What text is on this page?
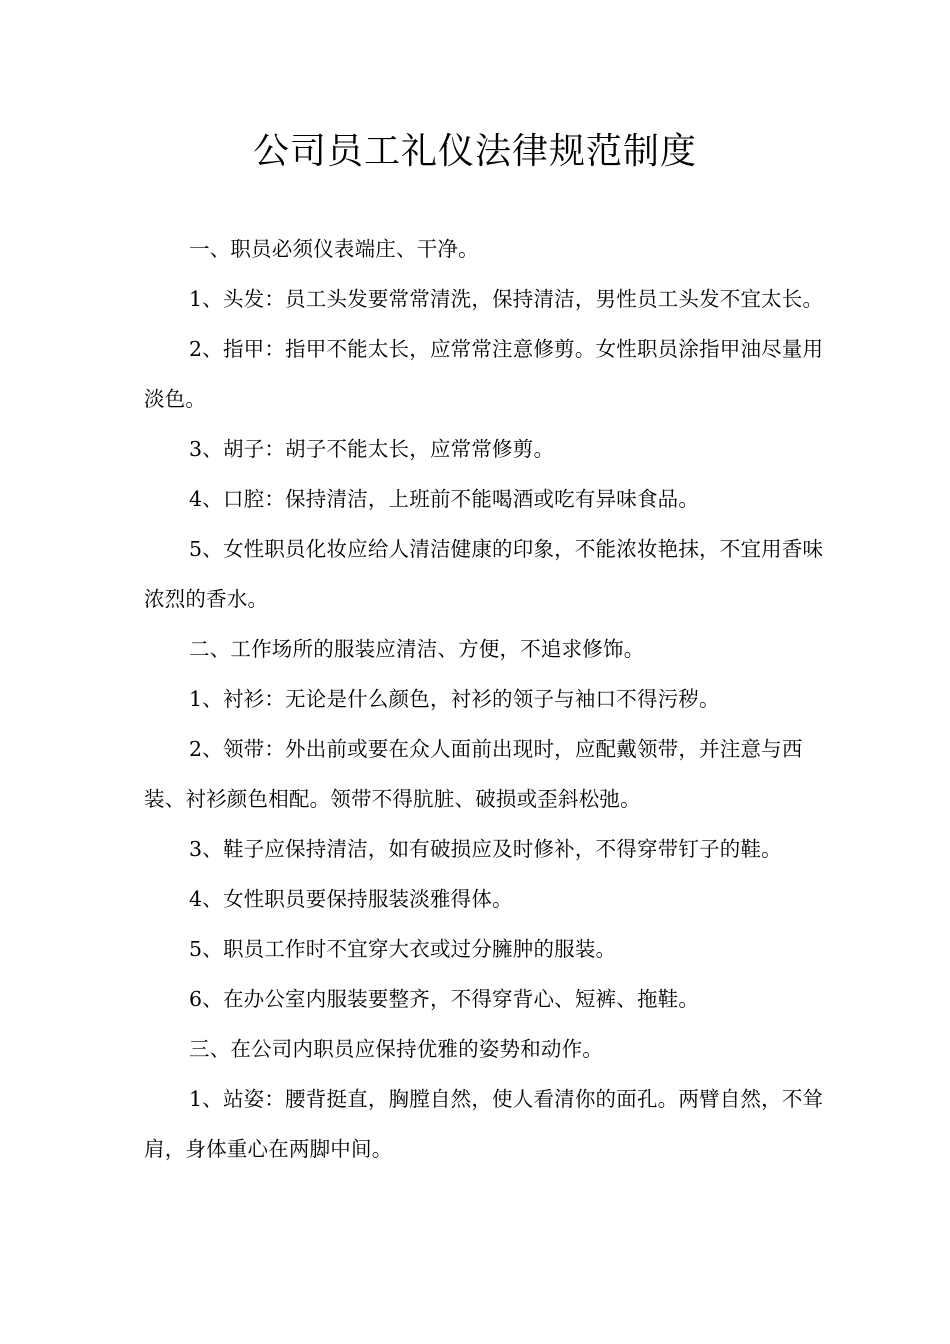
公司员工礼仪法律规范制度

一、职员必须仪表端庄、干净。

1、头发：员工头发要常常清洗，保持清洁，男性员工头发不宜太长。

2、指甲：指甲不能太长，应常常注意修剪。女性职员涂指甲油尽量用淡色。

3、胡子：胡子不能太长，应常常修剪。

4、口腔：保持清洁，上班前不能喝酒或吃有异味食品。

5、女性职员化妆应给人清洁健康的印象，不能浓妆艳抹，不宜用香味浓烈的香水。

二、工作场所的服装应清洁、方便，不追求修饰。

1、衬衫：无论是什么颜色，衬衫的领子与袖口不得污秽。

2、领带：外出前或要在众人面前出现时，应配戴领带，并注意与西装、衬衫颜色相配。领带不得肮脏、破损或歪斜松弛。

3、鞋子应保持清洁，如有破损应及时修补，不得穿带钉子的鞋。

4、女性职员要保持服装淡雅得体。

5、职员工作时不宜穿大衣或过分臃肿的服装。

6、在办公室内服装要整齐，不得穿背心、短裤、拖鞋。

三、在公司内职员应保持优雅的姿势和动作。

1、站姿：腰背挺直，胸膛自然，使人看清你的面孔。两臂自然，不耸肩，身体重心在两脚中间。
